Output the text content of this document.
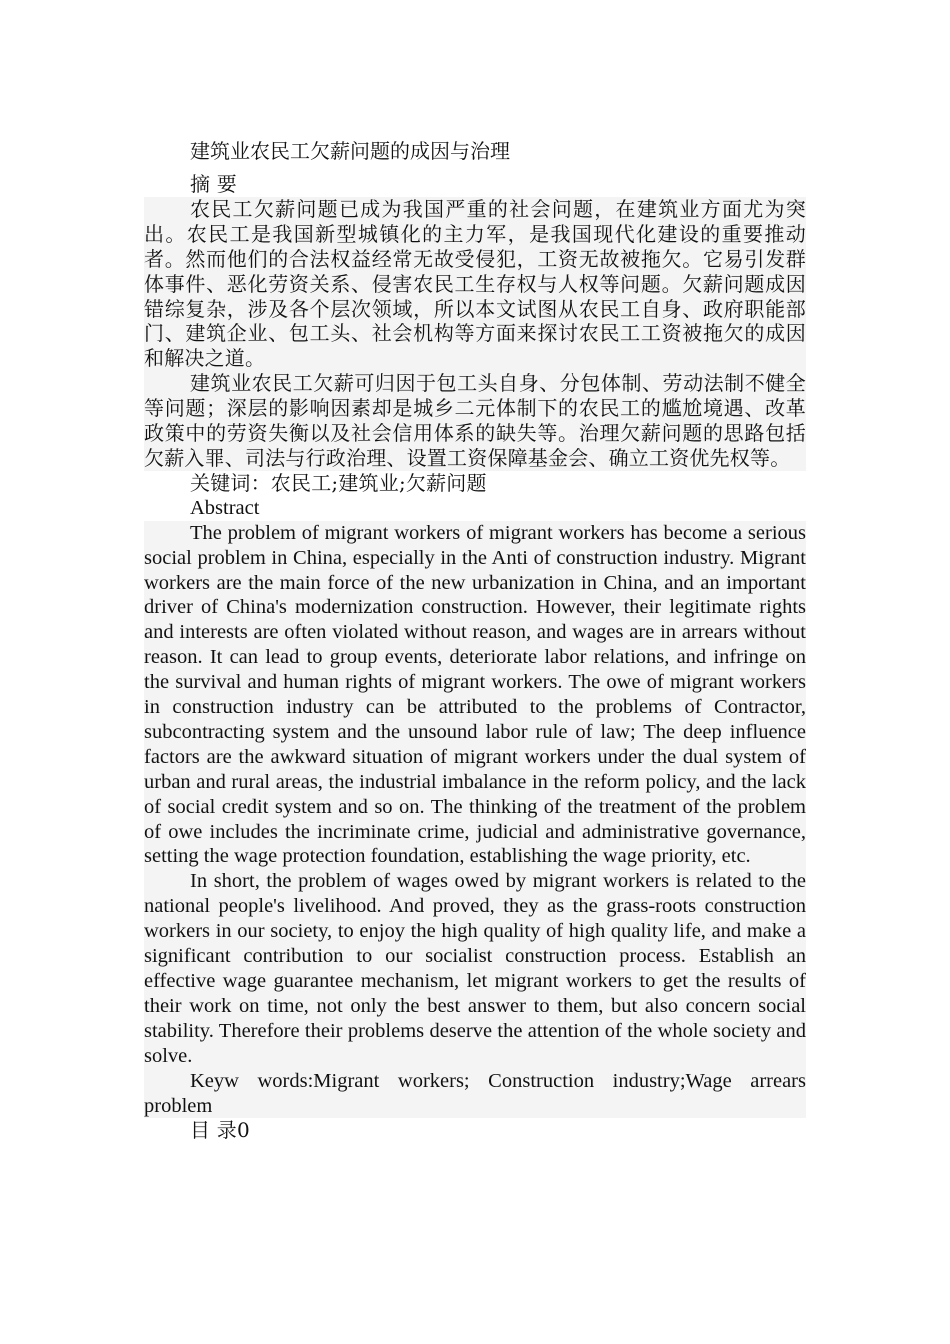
建筑业农民工欠薪问题的成因与治理

摘 要

农民工欠薪问题已成为我国严重的社会问题，在建筑业方面尤为突出。农民工是我国新型城镇化的主力军，是我国现代化建设的重要推动者。然而他们的合法权益经常无故受侵犯，工资无故被拖欠。它易引发群体事件、恶化劳资关系、侵害农民工生存权与人权等问题。欠薪问题成因错综复杂，涉及各个层次领域，所以本文试图从农民工自身、政府职能部门、建筑企业、包工头、社会机构等方面来探讨农民工工资被拖欠的成因和解决之道。

建筑业农民工欠薪可归因于包工头自身、分包体制、劳动法制不健全等问题；深层的影响因素却是城乡二元体制下的农民工的尴尬境遇、改革政策中的劳资失衡以及社会信用体系的缺失等。治理欠薪问题的思路包括欠薪入罪、司法与行政治理、设置工资保障基金会、确立工资优先权等。

关键词：农民工;建筑业;欠薪问题

Abstract

The problem of migrant workers of migrant workers has become a serious social problem in China, especially in the Anti of construction industry. Migrant workers are the main force of the new urbanization in China, and an important driver of China's modernization construction. However, their legitimate rights and interests are often violated without reason, and wages are in arrears without reason. It can lead to group events, deteriorate labor relations, and infringe on the survival and human rights of migrant workers. The owe of migrant workers in construction industry can be attributed to the problems of Contractor, subcontracting system and the unsound labor rule of law; The deep influence factors are the awkward situation of migrant workers under the dual system of urban and rural areas, the industrial imbalance in the reform policy, and the lack of social credit system and so on. The thinking of the treatment of the problem of owe includes the incriminate crime, judicial and administrative governance, setting the wage protection foundation, establishing the wage priority, etc.

In short, the problem of wages owed by migrant workers is related to the national people's livelihood. And proved, they as the grass-roots construction workers in our society, to enjoy the high quality of high quality life, and make a significant contribution to our socialist construction process. Establish an effective wage guarantee mechanism, let migrant workers to get the results of their work on time, not only the best answer to them, but also concern social stability. Therefore their problems deserve the attention of the whole society and solve.

Keyw words:Migrant workers; Construction industry;Wage arrears problem

目 录0
